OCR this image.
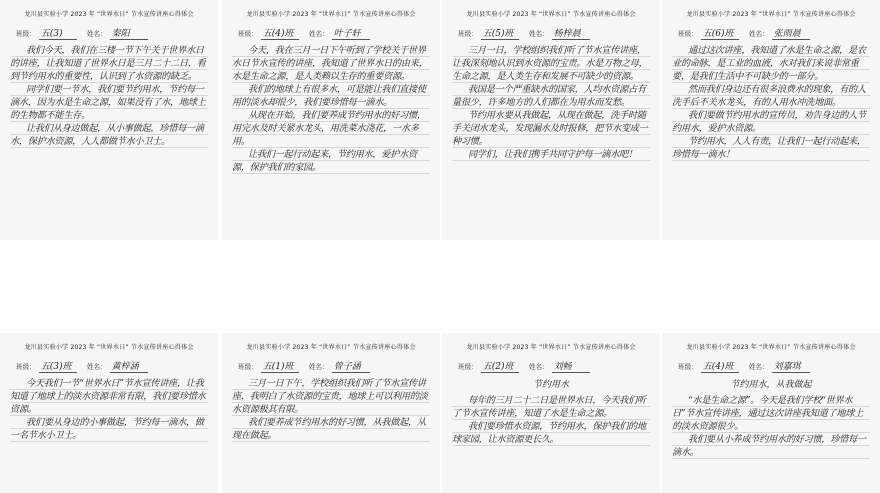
龙川县实验小学 2023 年 “世界水日” 节水宣传讲座心得体会
班级： 五(3)	姓名： 秦阳

我们今天，我们在三楼一节下午关于世界水日的讲座，让我知道了世界水日是三月二十二日，看到节约用水的重要性，认识到了水资源的缺乏。

同学们要一节水，我们要节约用水，节约每一滴水，因为水是生命之源，如果没有了水，地球上的生物都不能生存。

让我们从身边做起，从小事做起，珍惜每一滴水，保护水资源，人人都做节水小卫士。

龙川县实验小学 2023 年 “世界水日” 节水宣传讲座心得体会
班级： 五(4)班 姓名： 叶子轩

今天，我在三月一日下午听到了学校关于世界水日节水宣传的讲座，我知道了世界水日的由来，水是生命之源，是人类赖以生存的重要资源。

我们的地球上有很多水，可是能让我们直接使用的淡水却很少，我们要珍惜每一滴水。

从现在开始，我们要养成节约用水的好习惯，用完水及时关紧水龙头，用洗菜水浇花，一水多用。

让我们一起行动起来，节约用水，爱护水资源，保护我们的家园。

龙川县实验小学 2023 年 “世界水日” 节水宣传讲座心得体会
班级： 五(5)班 姓名： 杨梓晨

三月一日，学校组织我们听了节水宣传讲座，让我深刻地认识到水资源的宝贵。水是万物之母，生命之源，是人类生存和发展不可缺少的资源。

我国是一个严重缺水的国家，人均水资源占有量很少，许多地方的人们都在为用水而发愁。

节约用水要从我做起，从现在做起，洗手时随手关闭水龙头，发现漏水及时报修，把节水变成一种习惯。

同学们，让我们携手共同守护每一滴水吧！

龙川县实验小学 2023 年 “世界水日” 节水宣传讲座心得体会
班级： 五(6)班 姓名： 张雨晨

通过这次讲座，我知道了水是生命之源，是农业的命脉，是工业的血液，水对我们来说非常重要，是我们生活中不可缺少的一部分。

然而我们身边还有很多浪费水的现象，有的人洗手后不关水龙头，有的人用水冲洗地面。

我们要做节约用水的宣传员，劝告身边的人节约用水，爱护水资源。

节约用水，人人有责，让我们一起行动起来，珍惜每一滴水！

龙川县实验小学 2023 年 “世界水日” 节水宣传讲座心得体会
班级： 五(3)班 姓名： 黄梓涵

今天我们一节“世界水日”节水宣传讲座，让我知道了地球上的淡水资源非常有限，我们要珍惜水资源。

我们要从身边的小事做起，节约每一滴水，做一名节水小卫士。

龙川县实验小学 2023 年 “世界水日” 节水宣传讲座心得体会
班级： 五(1)班 姓名： 曾子涵

三月一日下午，学校组织我们听了节水宣传讲座，我明白了水资源的宝贵，地球上可以利用的淡水资源极其有限。

我们要养成节约用水的好习惯，从我做起，从现在做起。

龙川县实验小学 2023 年 “世界水日” 节水宣传讲座心得体会
班级： 五(2)班 姓名： 刘畅
节约用水

每年的三月二十二日是世界水日，今天我们听了节水宣传讲座，知道了水是生命之源。

我们要珍惜水资源，节约用水，保护我们的地球家园，让水资源更长久。

龙川县实验小学 2023 年 “世界水日” 节水宣传讲座心得体会
班级： 五(4)班 姓名： 刘嘉琪
节约用水，从我做起

“水是生命之源”。今天是我们学校“世界水日”节水宣传讲座，通过这次讲座我知道了地球上的淡水资源很少。

我们要从小养成节约用水的好习惯，珍惜每一滴水。
